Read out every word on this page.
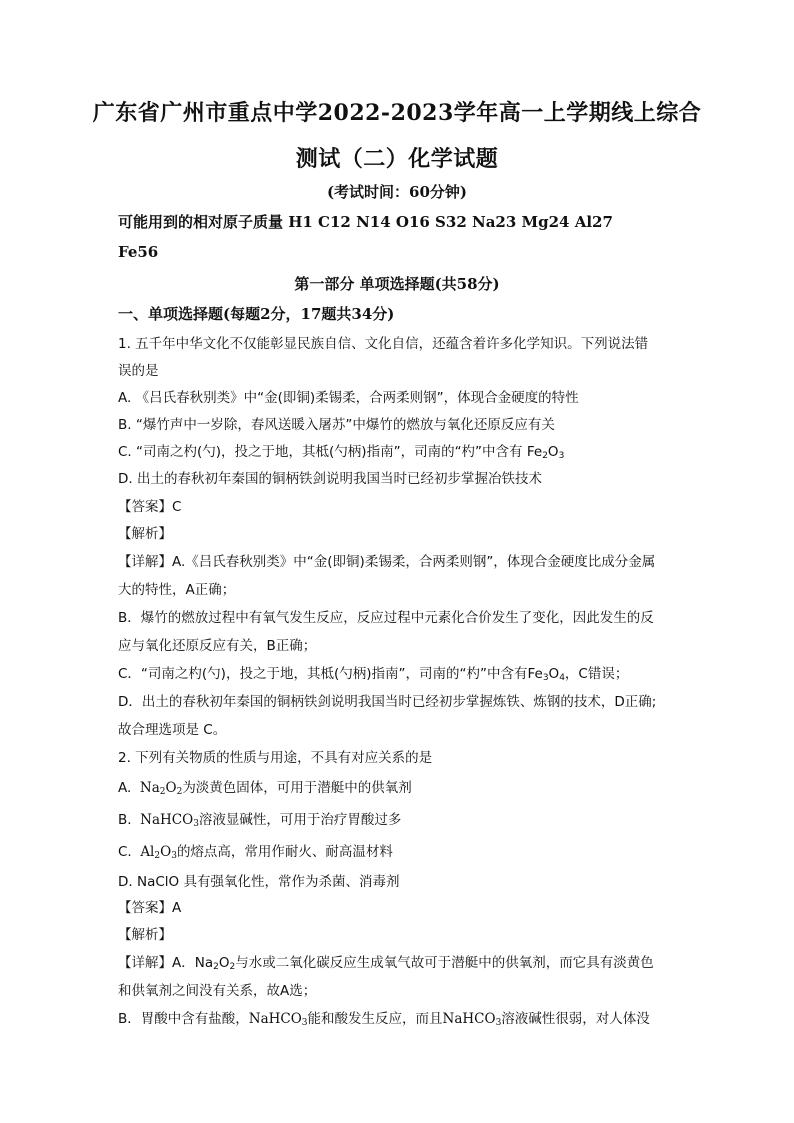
广东省广州市重点中学2022-2023学年高一上学期线上综合
测试（二）化学试题
(考试时间：60分钟)
可能用到的相对原子质量 H1 C12 N14 O16 S32 Na23 Mg24 Al27
Fe56
第一部分 单项选择题(共58分)
一、单项选择题(每题2分，17题共34分)
1. 五千年中华文化不仅能彰显民族自信、文化自信，还蕴含着许多化学知识。下列说法错
误的是
A. 《吕氏春秋别类》中“金(即铜)柔锡柔，合两柔则钢”，体现合金硬度的特性
B. “爆竹声中一岁除，春风送暖入屠苏”中爆竹的燃放与氧化还原反应有关
C. “司南之杓(勺)，投之于地，其柢(勺柄)指南”，司南的“杓”中含有 $Fe_2O_3$
D. 出土的春秋初年秦国的铜柄铁剑说明我国当时已经初步掌握冶铁技术
【答案】C
【解析】
【详解】A.《吕氏春秋别类》中“金(即铜)柔锡柔，合两柔则钢”，体现合金硬度比成分金属
大的特性，A正确；
B．爆竹的燃放过程中有氧气发生反应，反应过程中元素化合价发生了变化，因此发生的反
应与氧化还原反应有关，B正确；
C．“司南之杓(勺)，投之于地，其柢(勺柄)指南”，司南的“杓”中含有$Fe_3O_4$，C错误；
D．出土的春秋初年秦国的铜柄铁剑说明我国当时已经初步掌握炼铁、炼钢的技术，D正确;
故合理选项是 C。
2. 下列有关物质的性质与用途，不具有对应关系的是
A. $Na_2O_2$为淡黄色固体，可用于潜艇中的供氧剂
B. NaHCO$_3$溶液显碱性，可用于治疗胃酸过多
C. $Al_2O_3$的熔点高，常用作耐火、耐高温材料
D. NaClO 具有强氧化性，常作为杀菌、消毒剂
【答案】A
【解析】
【详解】A．$Na_2O_2$与水或二氧化碳反应生成氧气故可于潜艇中的供氧剂，而它具有淡黄色
和供氧剂之间没有关系，故A选；
B．胃酸中含有盐酸，NaHCO$_3$能和酸发生反应，而且NaHCO$_3$溶液碱性很弱，对人体没
